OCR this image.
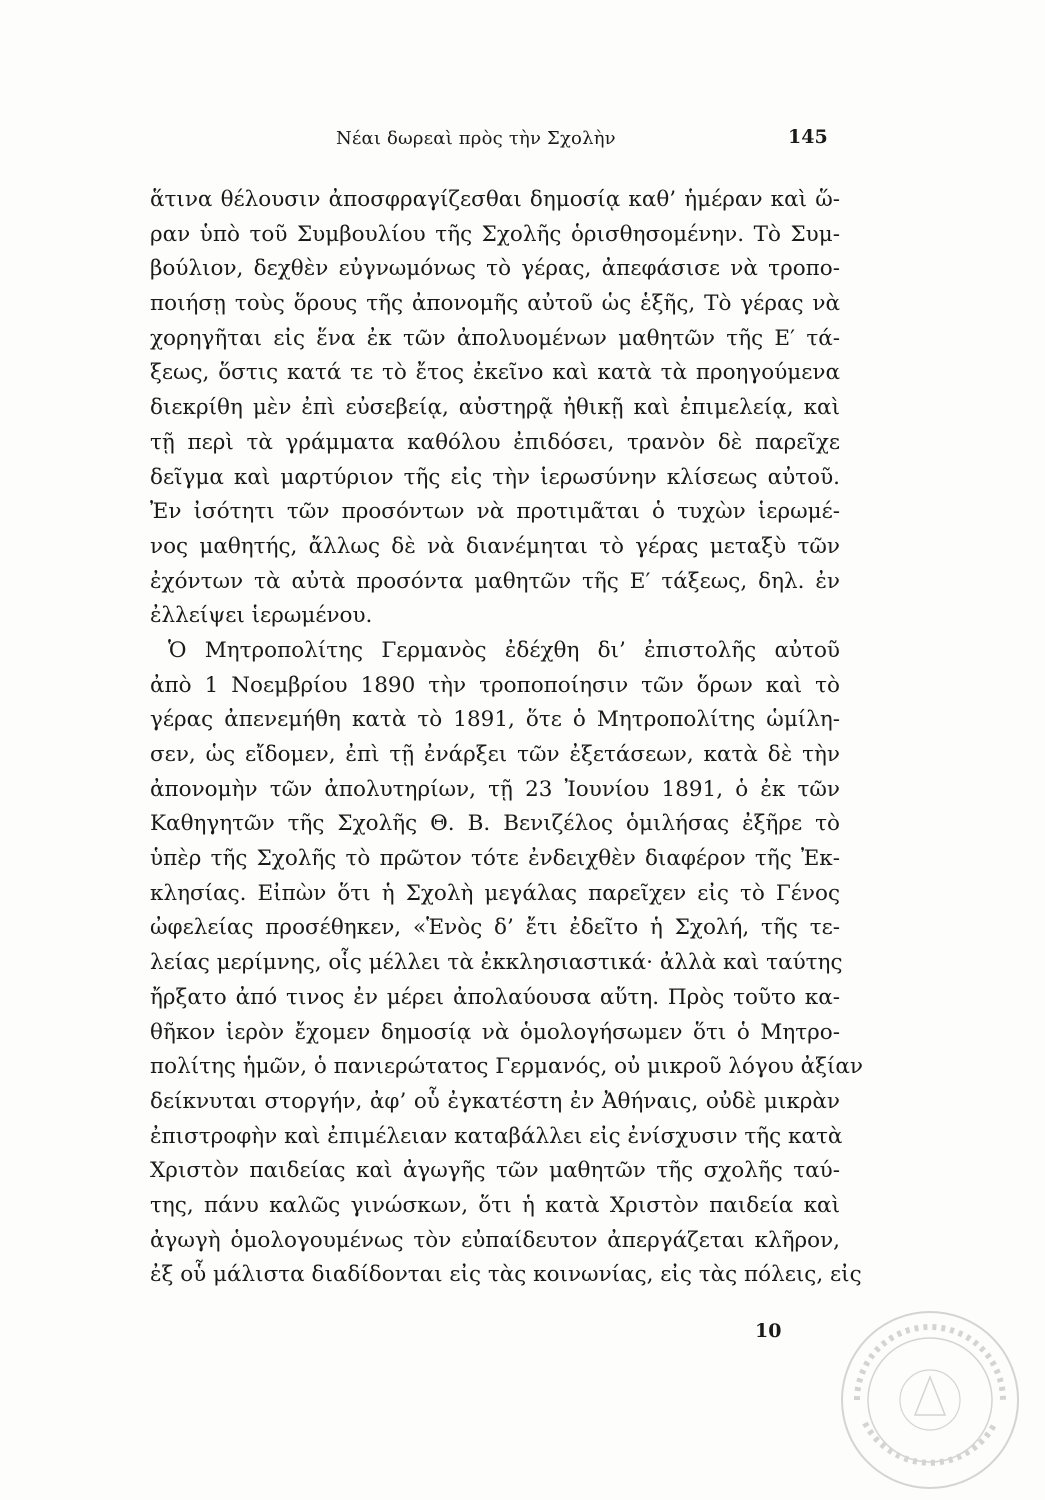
Νέαι δωρεαὶ πρὸς τὴν Σχολὴν	145
ἅτινα θέλουσιν ἀποσφραγίζεσθαι δημοσίᾳ καθ’ ἡμέραν καὶ ὥ-
ραν ὑπὸ τοῦ Συμβουλίου τῆς Σχολῆς ὁρισθησομένην. Τὸ Συμ-
βούλιον, δεχθὲν εὐγνωμόνως τὸ γέρας, ἀπεφάσισε νὰ τροπο-
ποιήσῃ τοὺς ὅρους τῆς ἀπονομῆς αὐτοῦ ὡς ἑξῆς, Τὸ γέρας νὰ
χορηγῆται εἰς ἕνα ἐκ τῶν ἀπολυομένων μαθητῶν τῆς Ε′ τά-
ξεως, ὅστις κατά τε τὸ ἔτος ἐκεῖνο καὶ κατὰ τὰ προηγούμενα
διεκρίθη μὲν ἐπὶ εὐσεβείᾳ, αὐστηρᾷ ἠθικῇ καὶ ἐπιμελείᾳ, καὶ
τῇ περὶ τὰ γράμματα καθόλου ἐπιδόσει, τρανὸν δὲ παρεῖχε
δεῖγμα καὶ μαρτύριον τῆς εἰς τὴν ἱερωσύνην κλίσεως αὐτοῦ.
Ἐν ἰσότητι τῶν προσόντων νὰ προτιμᾶται ὁ τυχὼν ἱερωμέ-
νος μαθητής, ἄλλως δὲ νὰ διανέμηται τὸ γέρας μεταξὺ τῶν
ἐχόντων τὰ αὐτὰ προσόντα μαθητῶν τῆς Ε′ τάξεως, δηλ. ἐν
ἐλλείψει ἱερωμένου.
Ὁ Μητροπολίτης Γερμανὸς ἐδέχθη δι’ ἐπιστολῆς αὐτοῦ
ἀπὸ 1 Νοεμβρίου 1890 τὴν τροποποίησιν τῶν ὅρων καὶ τὸ
γέρας ἀπενεμήθη κατὰ τὸ 1891, ὅτε ὁ Μητροπολίτης ὡμίλη-
σεν, ὡς εἴδομεν, ἐπὶ τῇ ἐνάρξει τῶν ἐξετάσεων, κατὰ δὲ τὴν
ἀπονομὴν τῶν ἀπολυτηρίων, τῇ 23 Ἰουνίου 1891, ὁ ἐκ τῶν
Καθηγητῶν τῆς Σχολῆς Θ. Β. Βενιζέλος ὁμιλήσας ἐξῆρε τὸ
ὑπὲρ τῆς Σχολῆς τὸ πρῶτον τότε ἐνδειχθὲν διαφέρον τῆς Ἐκ-
κλησίας. Εἰπὼν ὅτι ἡ Σχολὴ μεγάλας παρεῖχεν εἰς τὸ Γένος
ὠφελείας προσέθηκεν, «Ἑνὸς δ’ ἔτι ἐδεῖτο ἡ Σχολή, τῆς τε-
λείας μερίμνης, οἷς μέλλει τὰ ἐκκλησιαστικά· ἀλλὰ καὶ ταύτης
ἤρξατο ἀπό τινος ἐν μέρει ἀπολαύουσα αὕτη. Πρὸς τοῦτο κα-
θῆκον ἱερὸν ἔχομεν δημοσίᾳ νὰ ὁμολογήσωμεν ὅτι ὁ Μητρο-
πολίτης ἡμῶν, ὁ πανιερώτατος Γερμανός, οὐ μικροῦ λόγου ἀξίαν
δείκνυται στοργήν, ἀφ’ οὗ ἐγκατέστη ἐν Ἀθήναις, οὐδὲ μικρὰν
ἐπιστροφὴν καὶ ἐπιμέλειαν καταβάλλει εἰς ἐνίσχυσιν τῆς κατὰ
Χριστὸν παιδείας καὶ ἀγωγῆς τῶν μαθητῶν τῆς σχολῆς ταύ-
της, πάνυ καλῶς γινώσκων, ὅτι ἡ κατὰ Χριστὸν παιδεία καὶ
ἀγωγὴ ὁμολογουμένως τὸν εὐπαίδευτον ἀπεργάζεται κλῆρον,
ἐξ οὗ μάλιστα διαδίδονται εἰς τὰς κοινωνίας, εἰς τὰς πόλεις, εἰς
10
